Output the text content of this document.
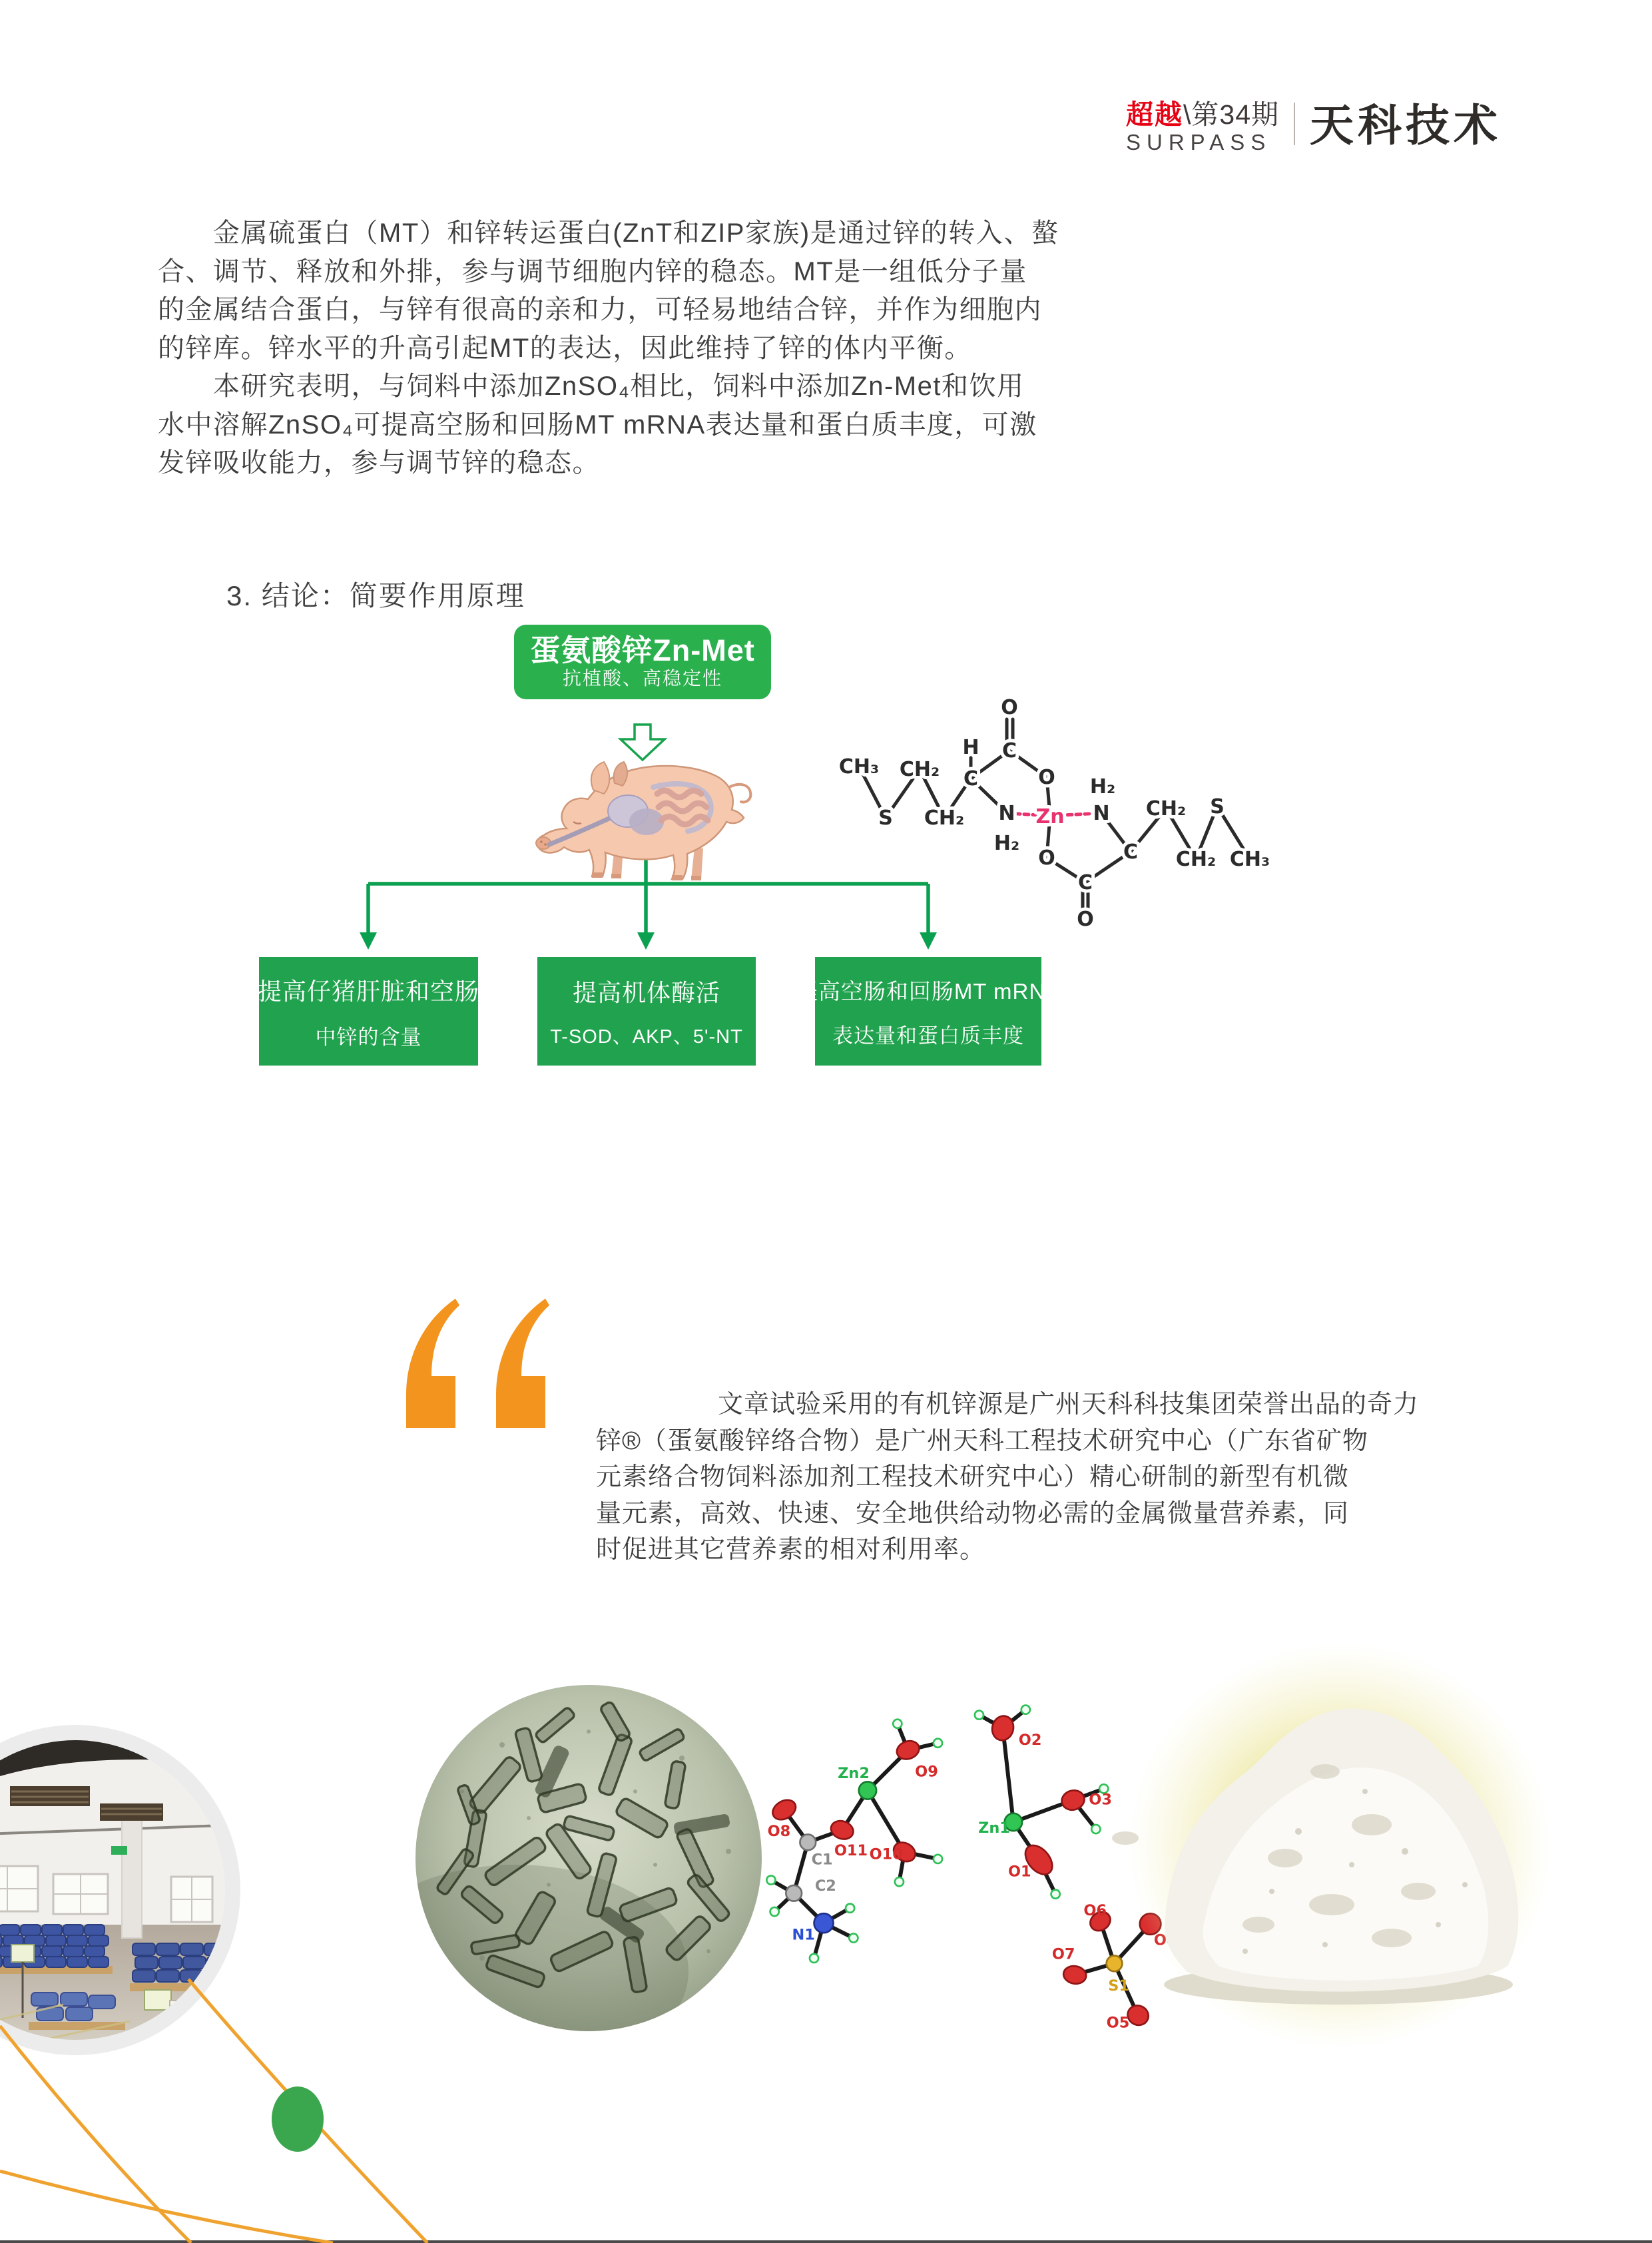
超越\第34期
SURPASS 天科技术
　　金属硫蛋白（MT）和锌转运蛋白(ZnT和ZIP家族)是通过锌的转入、螯
合、调节、释放和外排，参与调节细胞内锌的稳态。MT是一组低分子量
的金属结合蛋白，与锌有很高的亲和力，可轻易地结合锌，并作为细胞内
的锌库。锌水平的升高引起MT的表达，因此维持了锌的体内平衡。
　　本研究表明，与饲料中添加ZnSO₄相比，饲料中添加Zn-Met和饮用
水中溶解ZnSO₄可提高空肠和回肠MT mRNA表达量和蛋白质丰度，可激
发锌吸收能力，参与调节锌的稳态。
3. 结论：简要作用原理
蛋氨酸锌Zn-Met
抗植酸、高稳定性
CH₃
S
CH₂
CH₂
C
H C
O
O
N
H₂
Zn
O
H₂
N
C
CH₂ S
CH₂ CH₃
C
O
提高仔猪肝脏和空肠
中锌的含量
提高机体酶活
T-SOD、AKP、5'-NT
提高空肠和回肠MT mRNA
表达量和蛋白质丰度
文章试验采用的有机锌源是广州天科科技集团荣誉出品的奇力
锌®（蛋氨酸锌络合物）是广州天科工程技术研究中心（广东省矿物
元素络合物饲料添加剂工程技术研究中心）精心研制的新型有机微
量元素，高效、快速、安全地供给动物必需的金属微量营养素，同
时促进其它营养素的相对利用率。
O8
C1
O11
Zn2	O9
O10
C2
N1
O2
Zn1
O3
O1
O6
O7
S1
O5
